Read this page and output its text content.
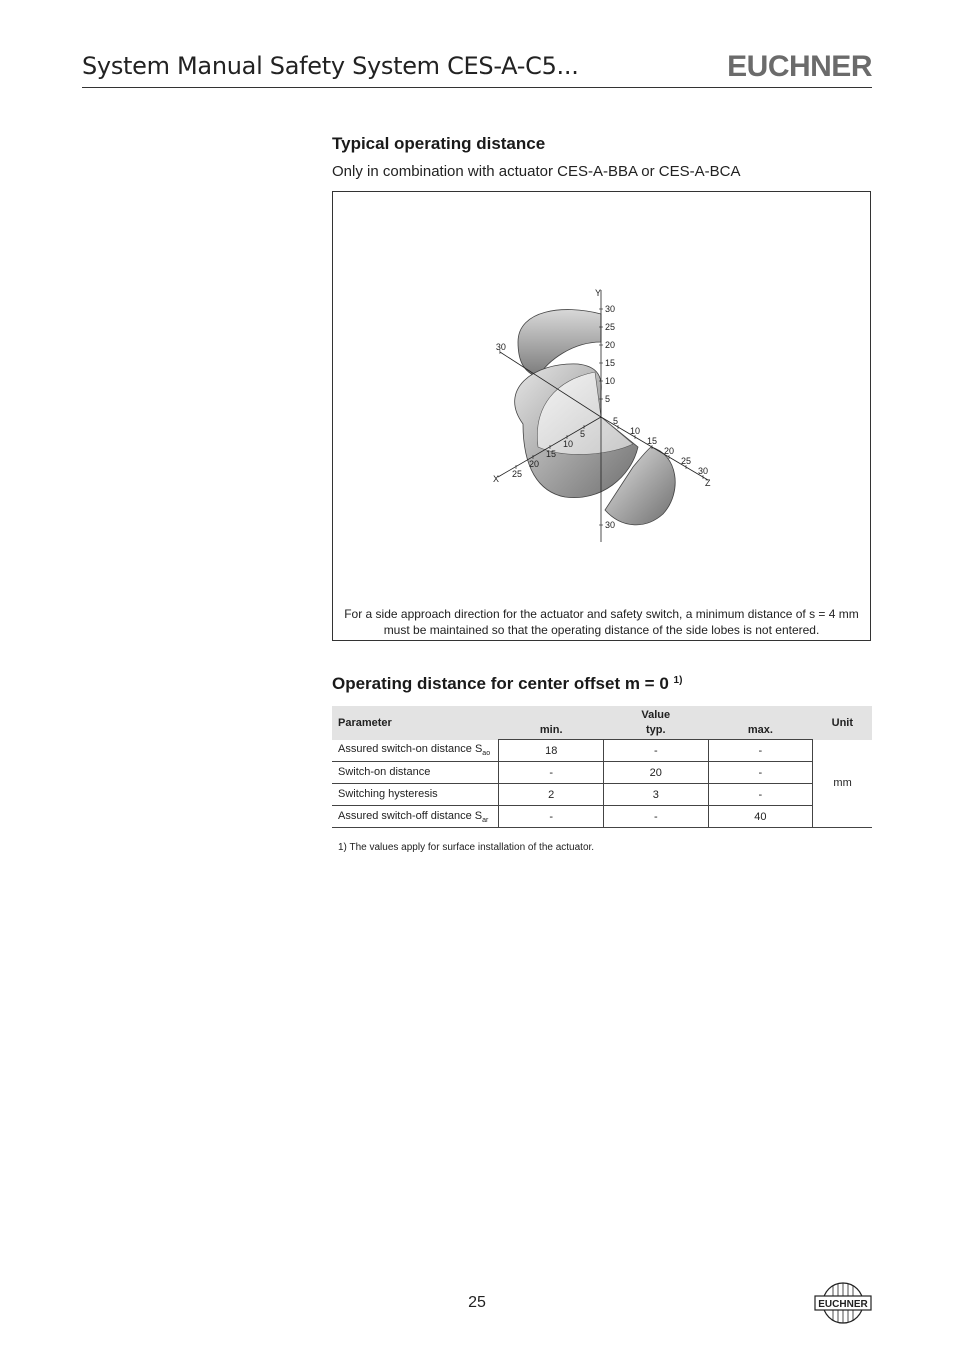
System Manual Safety System CES-A-C5...	EUCHNER
Typical operating distance
Only in combination with actuator CES-A-BBA or CES-A-BCA
Y
X	Z
30
25
20
15
10
5
30
5
10
15
20
25
30
5
10
15
20
25
30
For a side approach direction for the actuator and safety switch, a minimum distance of s = 4 mm must be maintained so that the operating distance of the side lobes is not entered.
Operating distance for center offset m = 0 $^{1)}$
Parameter	Value			Unit
	min.	typ.	max.	
Assured switch-on distance $S_{ao}$	18	-	-	mm
Switch-on distance	-	20	-	
Switching hysteresis	2	3	-	
Assured switch-off distance $S_{ar}$	-	-	40	
1) The values apply for surface installation of the actuator.
25	EUCHNER
